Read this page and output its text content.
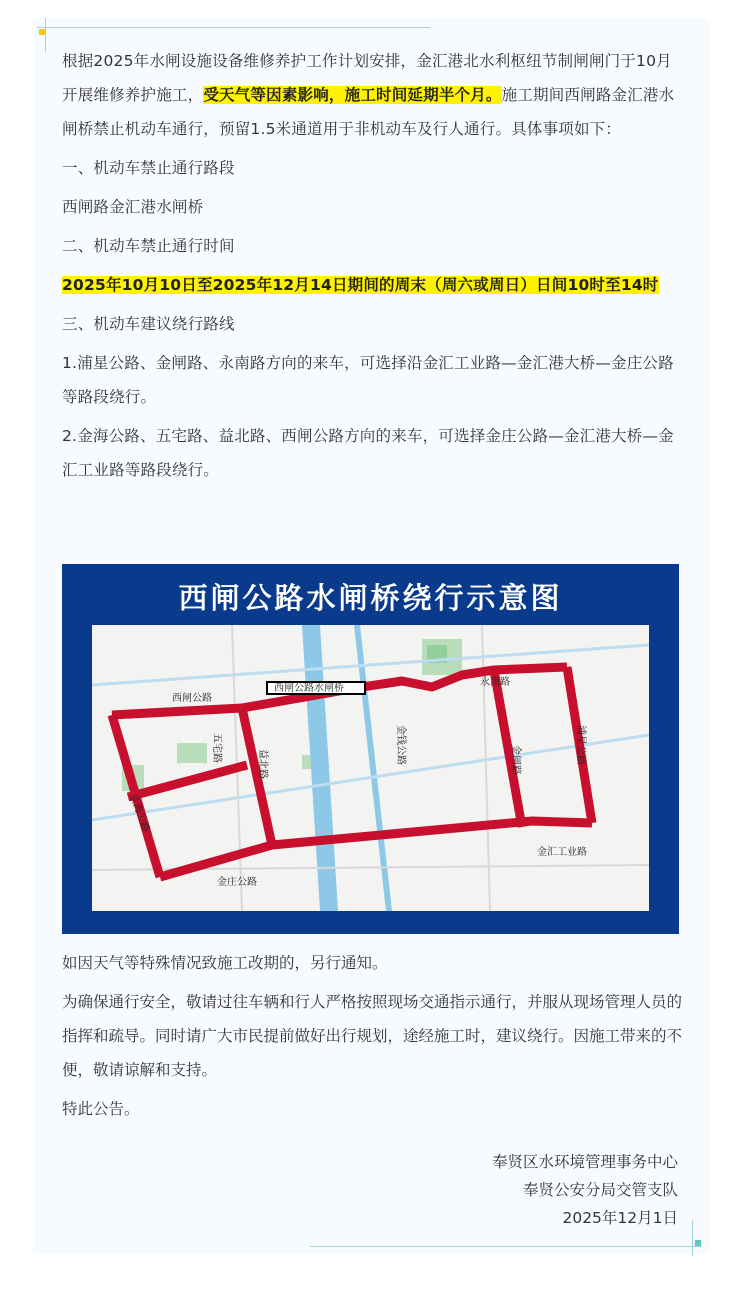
根据2025年水闸设施设备维修养护工作计划安排，金汇港北水利枢纽节制闸闸门于10月开展维修养护施工，受天气等因素影响，施工时间延期半个月。施工期间西闸路金汇港水闸桥禁止机动车通行，预留1.5米通道用于非机动车及行人通行。具体事项如下：

一、机动车禁止通行路段

西闸路金汇港水闸桥

二、机动车禁止通行时间

2025年10月10日至2025年12月14日期间的周末（周六或周日）日间10时至14时

三、机动车建议绕行路线

1.浦星公路、金闸路、永南路方向的来车，可选择沿金汇工业路—金汇港大桥—金庄公路等路段绕行。

2.金海公路、五宅路、益北路、西闸公路方向的来车，可选择金庄公路—金汇港大桥—金汇工业路等路段绕行。

西闸公路水闸桥绕行示意图
西闸公路水闸桥
西闸公路
永南路
金庄公路
金汇工业路
五宅路
益北路
金海公路
金钱公路	金闸路	浦星公路

如因天气等特殊情况致施工改期的，另行通知。

为确保通行安全，敬请过往车辆和行人严格按照现场交通指示通行，并服从现场管理人员的指挥和疏导。同时请广大市民提前做好出行规划，途经施工时，建议绕行。因施工带来的不便，敬请谅解和支持。

特此公告。

奉贤区水环境管理事务中心
奉贤公安分局交管支队
2025年12月1日
